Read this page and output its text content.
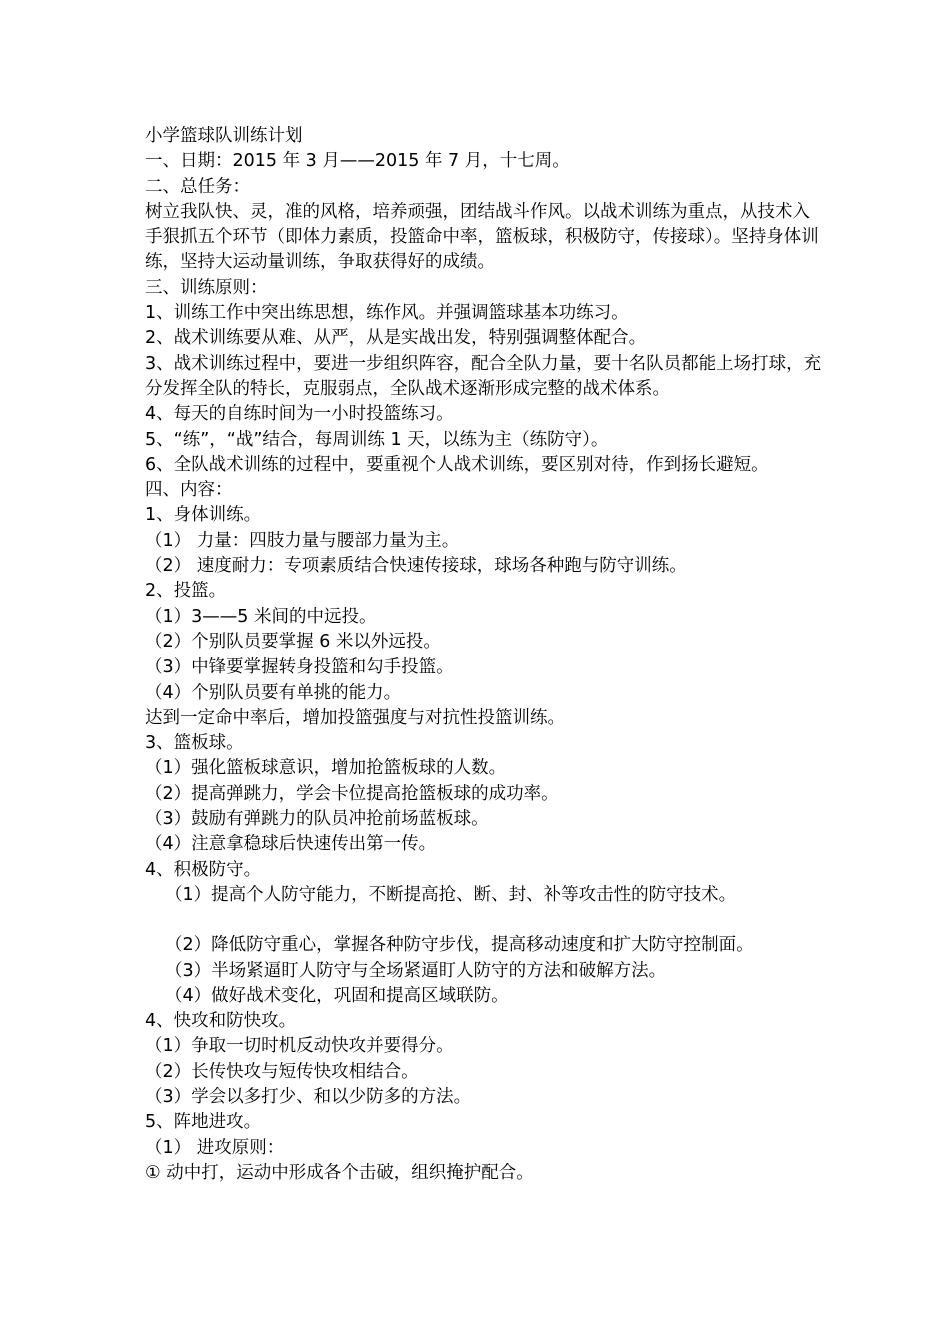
小学篮球队训练计划
一、日期：2015 年 3 月——2015 年 7 月，十七周。
二、总任务：
树立我队快、灵，准的风格，培养顽强，团结战斗作风。以战术训练为重点，从技术入手狠抓五个环节（即体力素质，投篮命中率，篮板球，积极防守，传接球）。坚持身体训练，坚持大运动量训练，争取获得好的成绩。
三、训练原则：
1、训练工作中突出练思想，练作风。并强调篮球基本功练习。
2、战术训练要从难、从严，从是实战出发，特别强调整体配合。
3、战术训练过程中，要进一步组织阵容，配合全队力量，要十名队员都能上场打球，充分发挥全队的特长，克服弱点，全队战术逐渐形成完整的战术体系。
4、每天的自练时间为一小时投篮练习。
5、“练”，“战”结合，每周训练 1 天，以练为主（练防守）。
6、全队战术训练的过程中，要重视个人战术训练，要区别对待，作到扬长避短。
四、内容：
1、身体训练。
（1） 力量：四肢力量与腰部力量为主。
（2） 速度耐力：专项素质结合快速传接球，球场各种跑与防守训练。
2、投篮。
（1）3——5 米间的中远投。
（2）个别队员要掌握 6 米以外远投。
（3）中锋要掌握转身投篮和勾手投篮。
（4）个别队员要有单挑的能力。
达到一定命中率后，增加投篮强度与对抗性投篮训练。
3、篮板球。
（1）强化篮板球意识，增加抢篮板球的人数。
（2）提高弹跳力，学会卡位提高抢篮板球的成功率。
（3）鼓励有弹跳力的队员冲抢前场蓝板球。
（4）注意拿稳球后快速传出第一传。
4、积极防守。
（1）提高个人防守能力，不断提高抢、断、封、补等攻击性的防守技术。
（2）降低防守重心，掌握各种防守步伐，提高移动速度和扩大防守控制面。
（3）半场紧逼盯人防守与全场紧逼盯人防守的方法和破解方法。
（4）做好战术变化，巩固和提高区域联防。
4、快攻和防快攻。
（1）争取一切时机反动快攻并要得分。
（2）长传快攻与短传快攻相结合。
（3）学会以多打少、和以少防多的方法。
5、阵地进攻。
（1） 进攻原则：
① 动中打，运动中形成各个击破，组织掩护配合。
